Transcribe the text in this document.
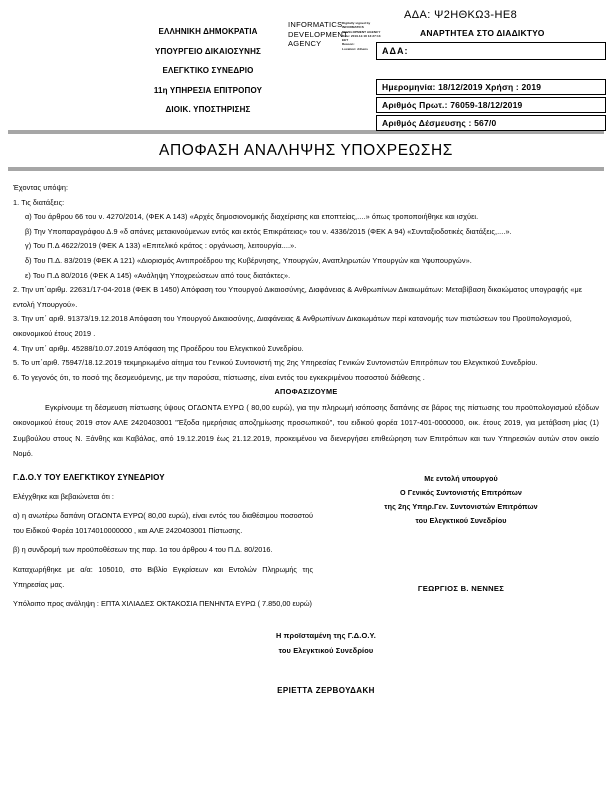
ΕΛΛΗΝΙΚΗ ΔΗΜΟΚΡΑΤΙΑ
ΥΠΟΥΡΓΕΙΟ ΔΙΚΑΙΟΣΥΝΗΣ
ΕΛΕΓΚΤΙΚΟ ΣΥΝΕΔΡΙΟ
11η ΥΠΗΡΕΣΙΑ ΕΠΙΤΡΟΠΟΥ
ΔΙΟΙΚ. ΥΠΟΣΤΗΡΙΣΗΣ
INFORMATICS DEVELOPMENT AGENCY
Digitally signed by
INFORMATICS
DEVELOPMENT AGENCY
Date: 2019.12.18 13:27:13
EET
Reason:
Location: Athens
ΑΔΑ: Ψ2ΗΘΚΩ3-ΗΕ8
ΑΝΑΡΤΗΤΕΑ ΣΤΟ ΔΙΑΔΙΚΤΥΟ
ΑΔΑ:
Ημερομηνία: 18/12/2019 Χρήση : 2019
Αριθμός Πρωτ.: 76059-18/12/2019
Αριθμός Δέσμευσης : 567/0
ΑΠΟΦΑΣΗ ΑΝΑΛΗΨΗΣ ΥΠΟΧΡΕΩΣΗΣ

Έχοντας υπόψη:

1. Τις διατάξεις:

α) Του άρθρου 66 του ν. 4270/2014, (ΦΕΚ Α 143) «Αρχές δημοσιονομικής διαχείρισης και εποπτείας,....» όπως τροποποιήθηκε και ισχύει.

β) Την Υποπαραγράφου Δ.9 «δ απάνες μετακινούμενων εντός και εκτός Επικράτειας» του ν. 4336/2015 (ΦΕΚ Α 94) «Συνταξιοδοτικές διατάξεις,....».

γ) Του Π.Δ 4622/2019 (ΦΕΚ Α 133) «Επιτελικό κράτος : οργάνωση, λειτουργία....».

δ) Του Π.Δ. 83/2019 (ΦΕΚ Α 121) «Διορισμός Αντιπροέδρου της Κυβέρνησης, Υπουργών, Αναπληρωτών Υπουργών και Υφυπουργών».

ε) Του Π.Δ 80/2016 (ΦΕΚ Α 145) «Ανάληψη Υποχρεώσεων από τους διατάκτες».

2. Την υπ΄αριθμ. 22631/17-04-2018 (ΦΕΚ Β 1450) Απόφαση του Υπουργού Δικαιοσύνης, Διαφάνειας & Ανθρωπίνων Δικαιωμάτων: Μεταβίβαση δικαιώματος υπογραφής «με εντολή Υπουργού».

3. Την υπ΄ αριθ. 91373/19.12.2018 Απόφαση του Υπουργού Δικαιοσύνης, Διαφάνειας & Ανθρωπίνων Δικαιωμάτων περί κατανομής των πιστώσεων του Προϋπολογισμού, οικονομικού έτους 2019 .

4. Την υπ΄ αριθμ. 45288/10.07.2019 Απόφαση της Προέδρου του Ελεγκτικού Συνεδρίου.

5. Το υπ΄αριθ. 75947/18.12.2019 τεκμηριωμένο αίτημα του Γενικού Συντονιστή της 2ης Υπηρεσίας Γενικών Συντονιστών Επιτρόπων του Ελεγκτικού Συνεδρίου.

6. Το γεγονός ότι, το ποσό της δεσμευόμενης, με την παρούσα, πίστωσης, είναι εντός του εγκεκριμένου ποσοστού διάθεσης .

ΑΠΟΦΑΣΙΖΟΥΜΕ

Εγκρίνουμε τη δέσμευση πίστωσης ύψους ΟΓΔΟΝΤΑ ΕΥΡΩ ( 80,00 ευρώ), για την πληρωμή ισόποσης δαπάνης σε βάρος της πίστωσης του προϋπολογισμού εξόδων οικονομικού έτους 2019 στον ΑΛΕ 2420403001 "Έξοδα ημερήσιας αποζημίωσης προσωπικού", του ειδικού φορέα 1017-401-0000000, οικ. έτους 2019, για μετάβαση μίας (1) Συμβούλου στους Ν. Ξάνθης και Καβάλας, από 19.12.2019 έως 21.12.2019, προκειμένου να διενεργήσει επιθεώρηση των Επιτρόπων και των Υπηρεσιών αυτών στον οικείο Νομό.

Γ.Δ.Ο.Υ ΤΟΥ ΕΛΕΓΚΤΙΚΟΥ ΣΥΝΕΔΡΙΟΥ

Ελέγχθηκε και βεβαιώνεται ότι :

α) η ανωτέρω δαπάνη ΟΓΔΟΝΤΑ ΕΥΡΩ( 80,00 ευρώ), είναι εντός του διαθέσιμου ποσοστού του Ειδικού Φορέα 10174010000000 , και ΑΛΕ 2420403001 Πίστωσης.

β) η συνδρομή των προϋποθέσεων της παρ. 1α του άρθρου 4 του Π.Δ. 80/2016.

Καταχωρήθηκε με α/α: 105010, στο Βιβλίο Εγκρίσεων και Εντολών Πληρωμής της Υπηρεσίας μας.

Υπόλοιπο προς ανάληψη : ΕΠΤΑ ΧΙΛΙΑΔΕΣ ΟΚΤΑΚΟΣΙΑ ΠΕΝΗΝΤΑ ΕΥΡΩ ( 7.850,00 ευρώ)

Με εντολή υπουργού
Ο Γενικός Συντονιστής Επιτρόπων
της 2ης Υπηρ.Γεν. Συντονιστών Επιτρόπων
του Ελεγκτικού Συνεδρίου
ΓΕΩΡΓΙΟΣ Β. ΝΕΝΝΕΣ
Η προϊσταμένη της Γ.Δ.Ο.Υ.
του Ελεγκτικού Συνεδρίου
ΕΡΙΕΤΤΑ ΖΕΡΒΟΥΔΑΚΗ
